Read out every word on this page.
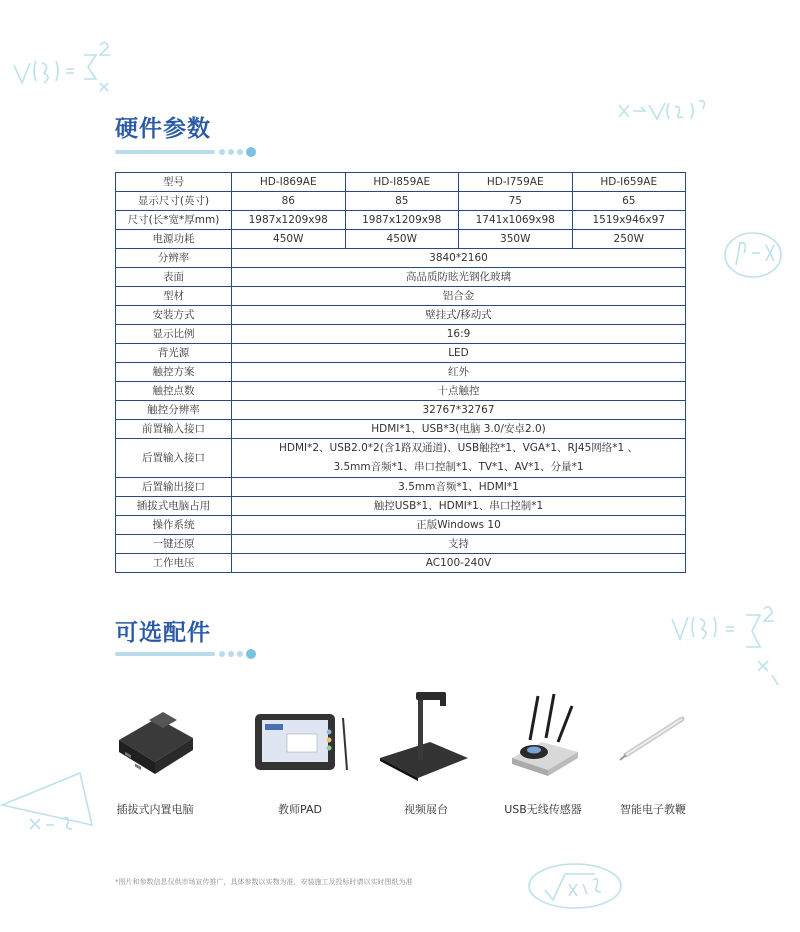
硬件参数
型号	HD-I869AE	HD-I859AE	HD-I759AE	HD-I659AE
显示尺寸(英寸)	86	85	75	65
尺寸(长*宽*厚mm)	1987x1209x98	1987x1209x98	1741x1069x98	1519x946x97
电源功耗	450W	450W	350W	250W
分辨率	3840*2160			
表面	高品质防眩光钢化玻璃			
型材	铝合金			
安装方式	壁挂式/移动式			
显示比例	16:9			
背光源	LED			
触控方案	红外			
触控点数	十点触控			
触控分辨率	32767*32767			
前置输入接口	HDMI*1、USB*3(电脑 3.0/安卓2.0)			
后置输入接口	HDMI*2、USB2.0*2(含1路双通道)、USB触控*1、VGA*1、RJ45网络*1 、
3.5mm音频*1、串口控制*1、TV*1、AV*1、分量*1			

后置输出接口	3.5mm音频*1、HDMI*1			
插拔式电脑占用	触控USB*1、HDMI*1、串口控制*1			
操作系统	正版Windows 10			
一键还原	支持			
工作电压	AC100-240V			
可选配件
插拔式内置电脑	教师PAD	视频展台	USB无线传感器	智能电子教鞭
*图片和参数信息仅供市场宣传推广，具体参数以实物为准，安装施工及投标时请以实时图纸为准
